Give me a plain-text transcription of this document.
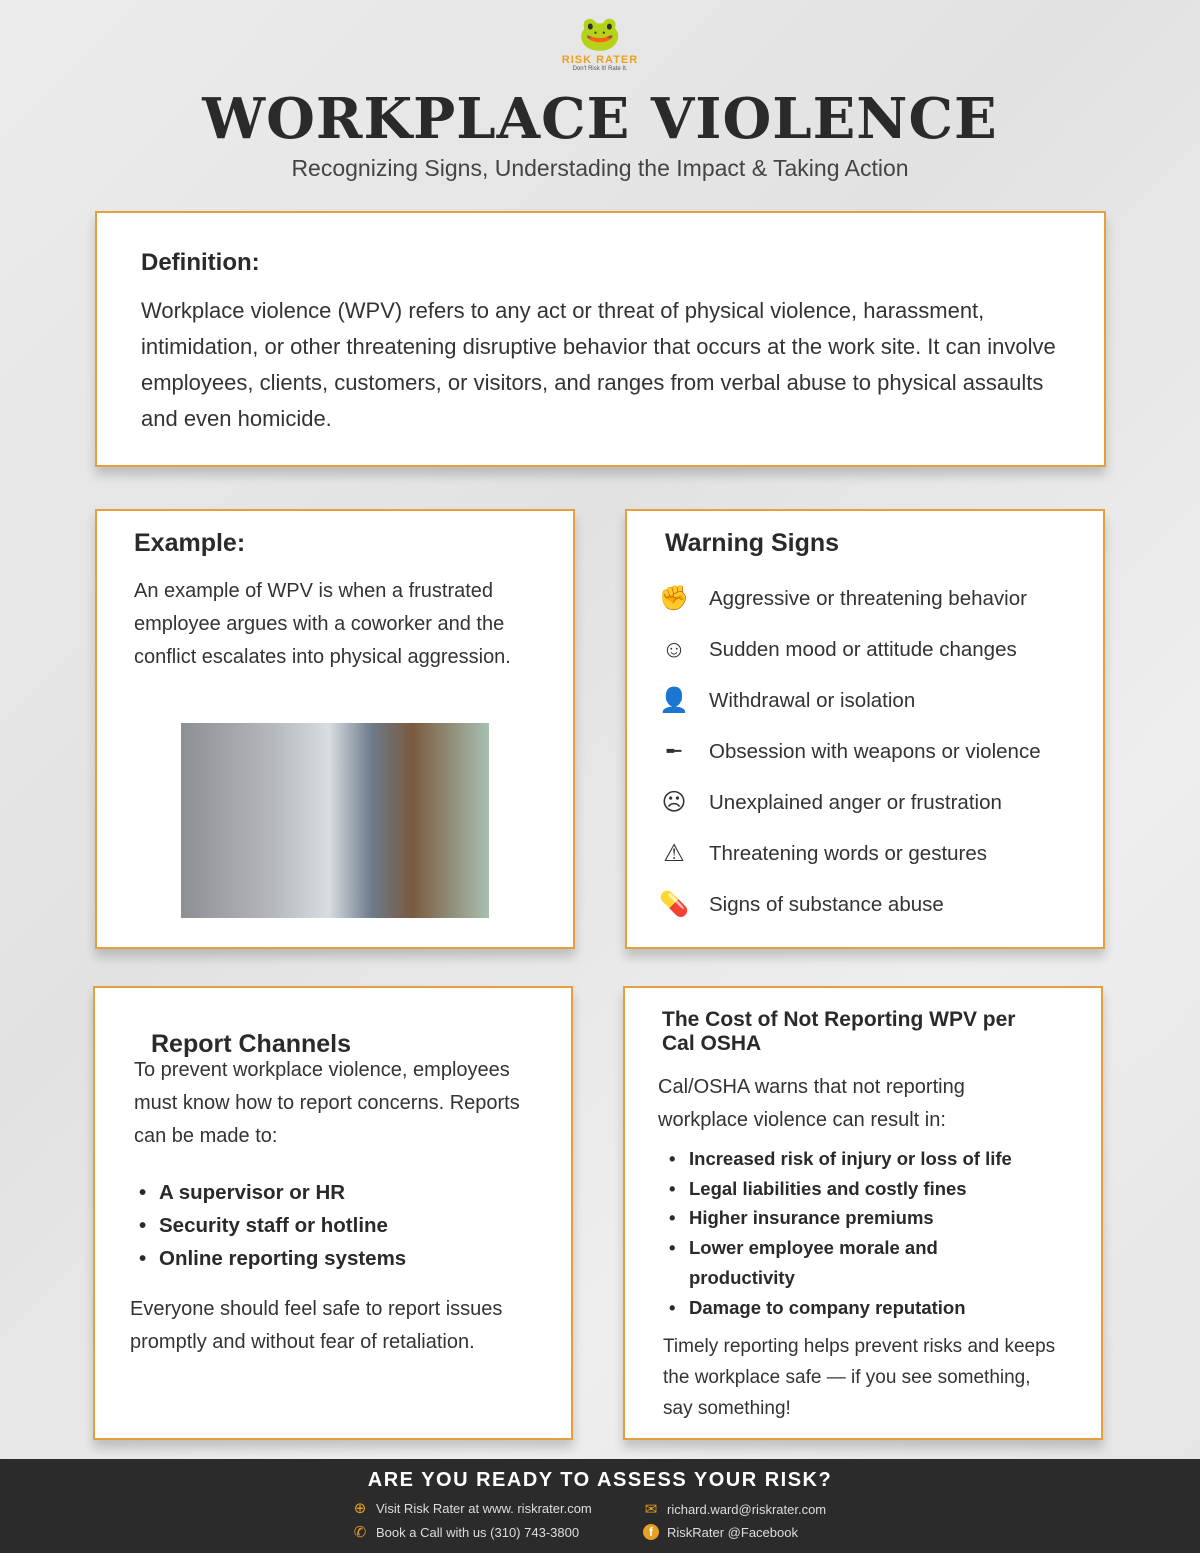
🐸
RISK RATER
Don't Risk It! Rate It.
WORKPLACE VIOLENCE
Recognizing Signs, Understading the Impact & Taking Action
Definition:
Workplace violence (WPV) refers to any act or threat of physical violence, harassment, intimidation, or other threatening disruptive behavior that occurs at the work site. It can involve employees, clients, customers, or visitors, and ranges from verbal abuse to physical assaults and even homicide.
Example:
An example of WPV is when a frustrated employee argues with a coworker and the conflict escalates into physical aggression.
Warning Signs
✊ Aggressive or threatening behavior
☺	Sudden mood or attitude changes
👤 Withdrawal or isolation
╾	Obsession with weapons or violence
☹	Unexplained anger or frustration
⚠	Threatening words or gestures
💊 Signs of substance abuse
Report Channels
To prevent workplace violence, employees must know how to report concerns. Reports can be made to:
• A supervisor or HR
• Security staff or hotline
• Online reporting systems
Everyone should feel safe to report issues promptly and without fear of retaliation.
The Cost of Not Reporting WPV per Cal OSHA
Cal/OSHA warns that not reporting workplace violence can result in:
• Increased risk of injury or loss of life
• Legal liabilities and costly fines
• Higher insurance premiums
• Lower employee morale and productivity
• Damage to company reputation
Timely reporting helps prevent risks and keeps the workplace safe — if you see something, say something!
ARE YOU READY TO ASSESS YOUR RISK?
⊕ Visit Risk Rater at www. riskrater.com
✆ Book a Call with us (310) 743-3800
✉ richard.ward@riskrater.com
f	RiskRater @Facebook
